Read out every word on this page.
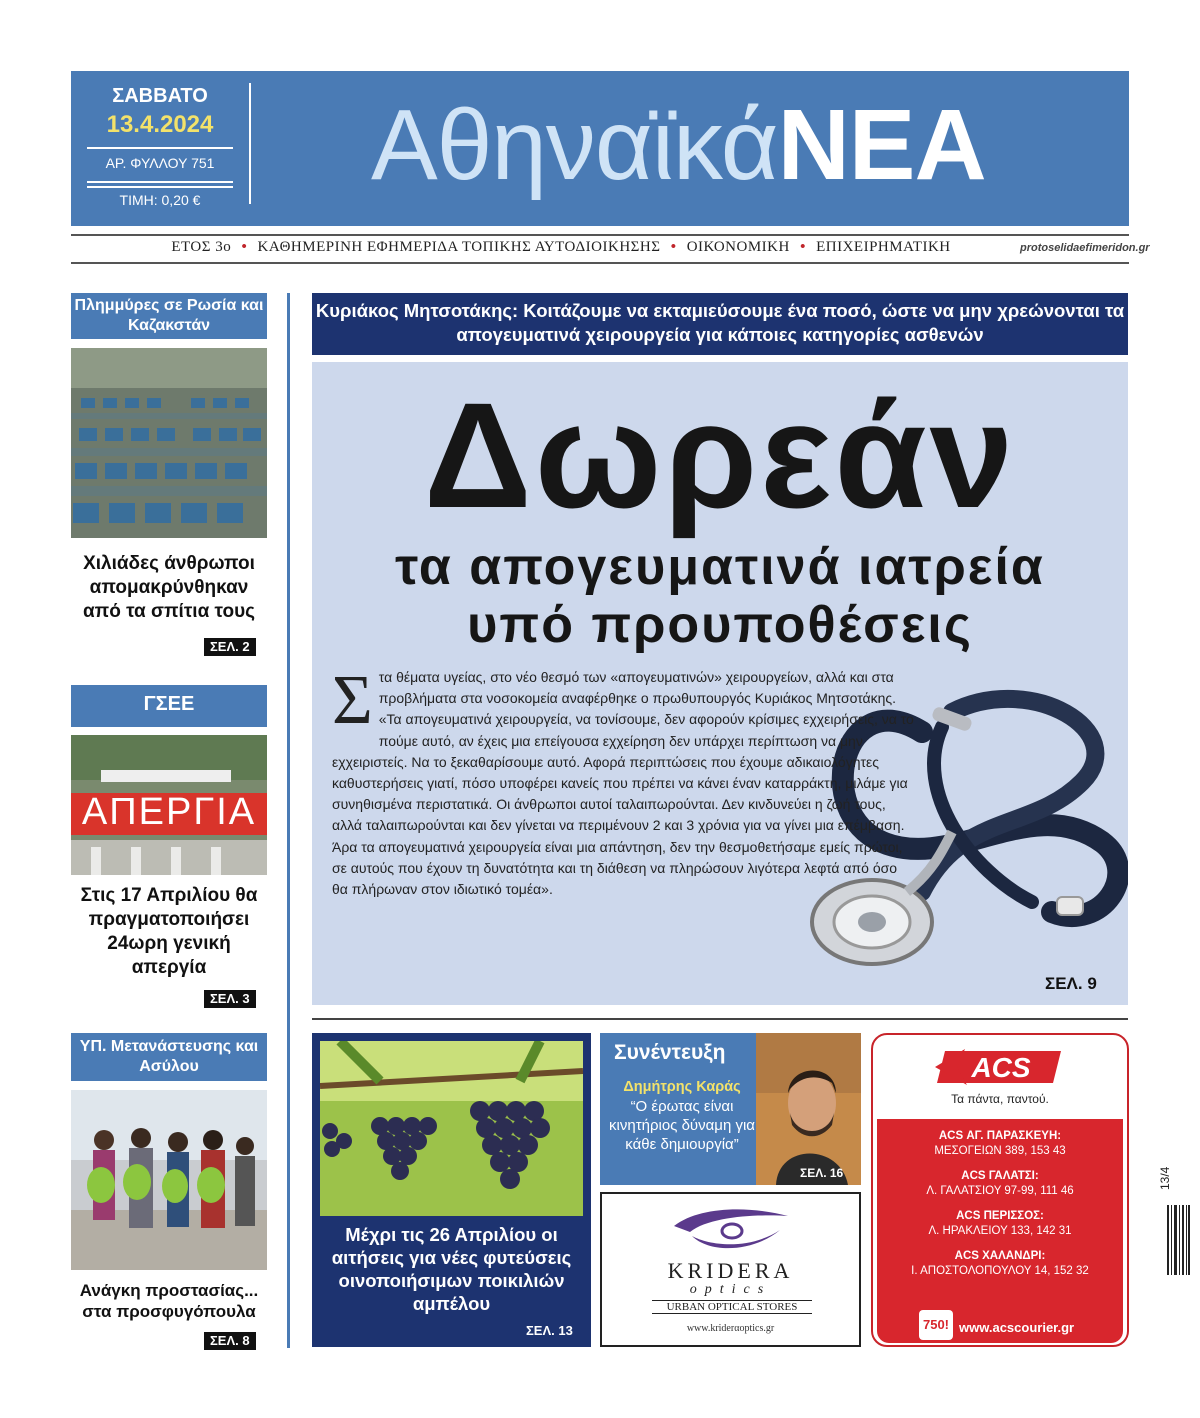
ΣΑΒΒΑΤΟ
13.4.2024
ΑΡ. ΦΥΛΛΟΥ 751
ΤΙΜΗ: 0,20 €	ΑθηναϊκάΝΕΑ
ΕΤΟΣ 3ο • ΚΑΘΗΜΕΡΙΝΗ ΕΦΗΜΕΡΙΔΑ ΤΟΠΙΚΗΣ ΑΥΤΟΔΙΟΙΚΗΣΗΣ • ΟΙΚΟΝΟΜΙΚΗ • ΕΠΙΧΕΙΡΗΜΑΤΙΚΗ	protoselidaefimeridon.gr
Πλημμύρες σε Ρωσία και Καζακστάν
Χιλιάδες άνθρωποι απομακρύνθηκαν από τα σπίτια τους
ΣΕΛ. 2
ΓΣΕΕ
ΑΠΕΡΓΙΑ
Στις 17 Απριλίου θα πραγματοποιήσει 24ωρη γενική απεργία
ΣΕΛ. 3
ΥΠ. Μετανάστευσης και Ασύλου
Ανάγκη προστασίας... στα προσφυγόπουλα
ΣΕΛ. 8
Κυριάκος Μητσοτάκης: Κοιτάζουμε να εκταμιεύσουμε ένα ποσό, ώστε να μην χρεώνονται τα απογευματινά χειρουργεία για κάποιες κατηγορίες ασθενών
Δωρεάν
τα απογευματινά ιατρεία
υπό προυποθέσεις
Σ τα θέματα υγείας, στο νέο θεσμό των «απογευματινών» χειρουργείων, αλλά και στα προβλήματα στα νοσοκομεία αναφέρθηκε ο πρωθυπουργός Κυριάκος Μητσοτάκης. «Τα απογευματινά χειρουργεία, να τονίσουμε, δεν αφορούν κρίσιμες εχχειρήσεις, να το πούμε αυτό, αν έχεις μια επείγουσα εχχείρηση δεν υπάρχει περίπτωση να μην εχχειριστείς. Να το ξεκαθαρίσουμε αυτό. Αφορά περιπτώσεις που έχουμε αδικαιολόγητες καθυστερήσεις γιατί, πόσο υποφέρει κανείς που πρέπει να κάνει έναν καταρράκτη, μιλάμε για συνηθισμένα περιστατικά. Οι άνθρωποι αυτοί ταλαιπωρούνται. Δεν κινδυνεύει η ζωή τους, αλλά ταλαιπωρούνται και δεν γίνεται να περιμένουν 2 και 3 χρόνια για να γίνει μια επέμβαση. Άρα τα απογευματινά χειρουργεία είναι μια απάντηση, δεν την θεσμοθετήσαμε εμείς πρώτοι, σε αυτούς που έχουν τη δυνατότητα και τη διάθεση να πληρώσουν λιγότερα λεφτά από όσο θα πλήρωναν στον ιδιωτικό τομέα».
ΣΕΛ. 9
Μέχρι τις 26 Απριλίου οι αιτήσεις για νέες φυτεύσεις οινοποιήσιμων ποικιλιών αμπέλου
ΣΕΛ. 13
Συνέντευξη
Δημήτρης Καράς
“Ο έρωτας είναι κινητήριος δύναμη για κάθε δημιουργία”
ΣΕΛ. 16
KRIDERA
optics
URBAN OPTICAL STORES
www.kriderαoptics.gr
ACS
Τα πάντα, παντού.
ACS ΑΓ. ΠΑΡΑΣΚΕΥΗ:
ΜΕΣΟΓΕΙΩΝ 389, 153 43
ACS ΓΑΛΑΤΣΙ:
Λ. ΓΑΛΑΤΣΙΟΥ 97-99, 111 46
ACS ΠΕΡΙΣΣΟΣ:
Λ. ΗΡΑΚΛΕΙΟΥ 133, 142 31
ACS ΧΑΛΑΝΔΡΙ:
Ι. ΑΠΟΣΤΟΛΟΠΟΥΛΟΥ 14, 152 32
750! www.acscourier.gr
13/4
